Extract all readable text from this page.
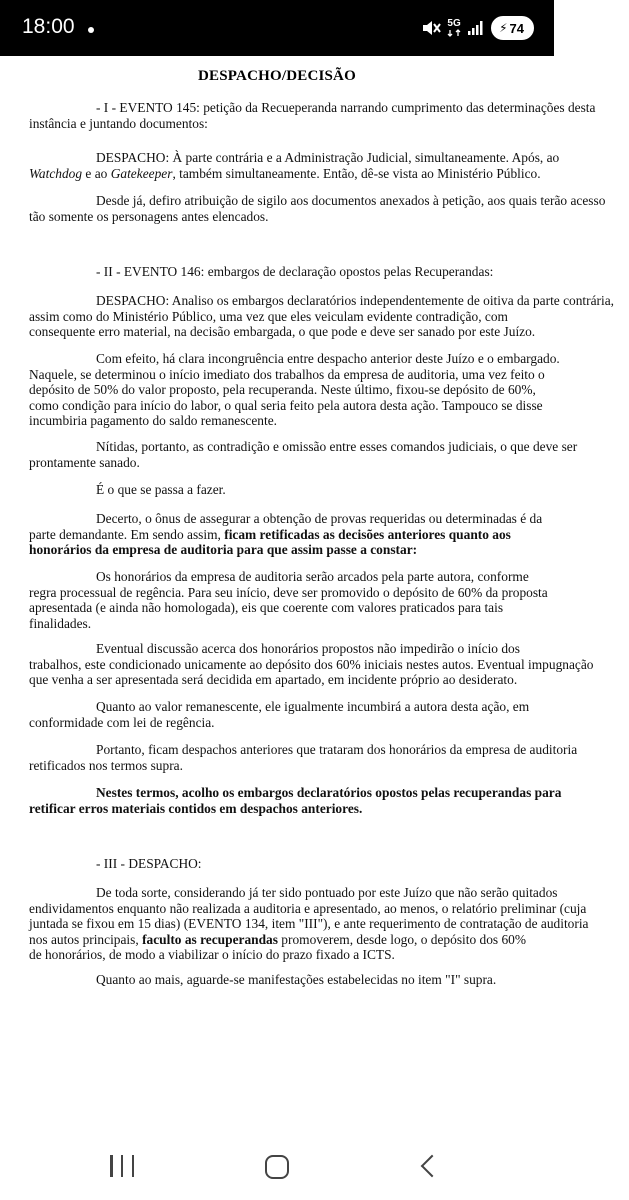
18:00	5G	⚡ 74
DESPACHO/DECISÃO
- I - EVENTO 145: petição da Recueperanda narrando cumprimento das determinações desta
instância e juntando documentos:
DESPACHO: À parte contrária e a Administração Judicial, simultaneamente. Após, ao
Watchdog e ao Gatekeeper, também simultaneamente. Então, dê-se vista ao Ministério Público.
Desde já, defiro atribuição de sigilo aos documentos anexados à petição, aos quais terão acesso
tão somente os personagens antes elencados.
- II - EVENTO 146: embargos de declaração opostos pelas Recuperandas:
DESPACHO: Analiso os embargos declaratórios independentemente de oitiva da parte contrária,
assim como do Ministério Público, uma vez que eles veiculam evidente contradição, com
consequente erro material, na decisão embargada, o que pode e deve ser sanado por este Juízo.
Com efeito, há clara incongruência entre despacho anterior deste Juízo e o embargado.
Naquele, se determinou o início imediato dos trabalhos da empresa de auditoria, uma vez feito o
depósito de 50% do valor proposto, pela recuperanda. Neste último, fixou-se depósito de 60%,
como condição para início do labor, o qual seria feito pela autora desta ação. Tampouco se disse
incumbiria pagamento do saldo remanescente.
Nítidas, portanto, as contradição e omissão entre esses comandos judiciais, o que deve ser
prontamente sanado.
É o que se passa a fazer.
Decerto, o ônus de assegurar a obtenção de provas requeridas ou determinadas é da
parte demandante. Em sendo assim, ficam retificadas as decisões anteriores quanto aos
honorários da empresa de auditoria para que assim passe a constar:
Os honorários da empresa de auditoria serão arcados pela parte autora, conforme
regra processual de regência. Para seu início, deve ser promovido o depósito de 60% da proposta
apresentada (e ainda não homologada), eis que coerente com valores praticados para tais
finalidades.
Eventual discussão acerca dos honorários propostos não impedirão o início dos
trabalhos, este condicionado unicamente ao depósito dos 60% iniciais nestes autos. Eventual impugnação
que venha a ser apresentada será decidida em apartado, em incidente próprio ao desiderato.
Quanto ao valor remanescente, ele igualmente incumbirá a autora desta ação, em
conformidade com lei de regência.
Portanto, ficam despachos anteriores que trataram dos honorários da empresa de auditoria
retificados nos termos supra.
Nestes termos, acolho os embargos declaratórios opostos pelas recuperandas para
retificar erros materiais contidos em despachos anteriores.
- III - DESPACHO:
De toda sorte, considerando já ter sido pontuado por este Juízo que não serão quitados
endividamentos enquanto não realizada a auditoria e apresentado, ao menos, o relatório preliminar (cuja
juntada se fixou em 15 dias) (EVENTO 134, item "III"), e ante requerimento de contratação de auditoria
nos autos principais, faculto as recuperandas promoverem, desde logo, o depósito dos 60%
de honorários, de modo a viabilizar o início do prazo fixado a ICTS.
Quanto ao mais, aguarde-se manifestações estabelecidas no item "I" supra.
